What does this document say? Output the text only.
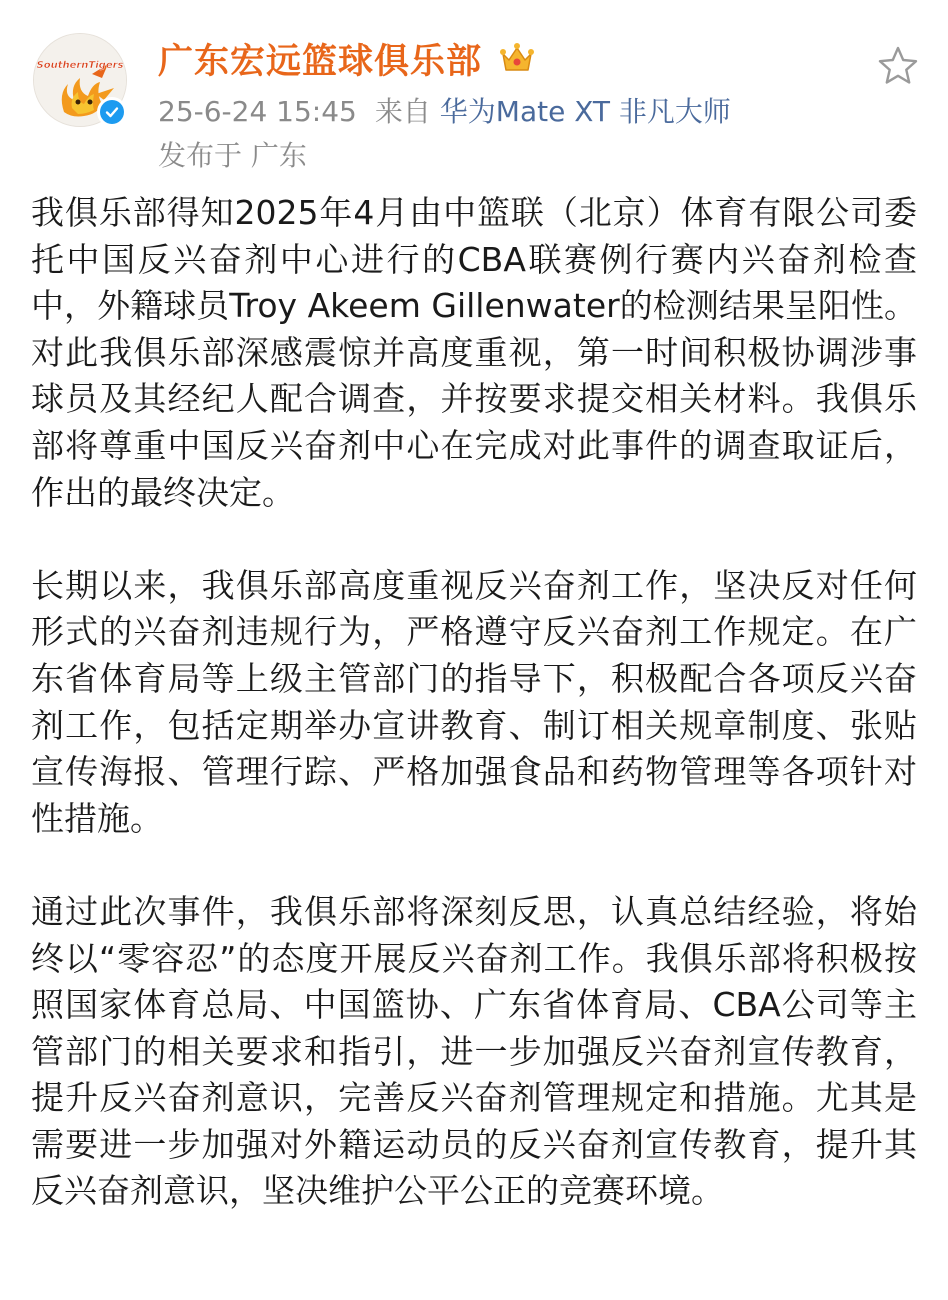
SouthernTigers 广东宏远篮球俱乐部
25-6-24 15:45 来自 华为Mate XT 非凡大师
发布于 广东

我俱乐部得知2025年4月由中篮联（北京）体育有限公司委托中国反兴奋剂中心进行的CBA联赛例行赛内兴奋剂检查中，外籍球员Troy Akeem Gillenwater的检测结果呈阳性。对此我俱乐部深感震惊并高度重视，第一时间积极协调涉事球员及其经纪人配合调查，并按要求提交相关材料。我俱乐部将尊重中国反兴奋剂中心在完成对此事件的调查取证后，作出的最终决定。

长期以来，我俱乐部高度重视反兴奋剂工作，坚决反对任何形式的兴奋剂违规行为，严格遵守反兴奋剂工作规定。在广东省体育局等上级主管部门的指导下，积极配合各项反兴奋剂工作，包括定期举办宣讲教育、制订相关规章制度、张贴宣传海报、管理行踪、严格加强食品和药物管理等各项针对性措施。

通过此次事件，我俱乐部将深刻反思，认真总结经验，将始终以“零容忍”的态度开展反兴奋剂工作。我俱乐部将积极按照国家体育总局、中国篮协、广东省体育局、CBA公司等主管部门的相关要求和指引，进一步加强反兴奋剂宣传教育，提升反兴奋剂意识，完善反兴奋剂管理规定和措施。尤其是需要进一步加强对外籍运动员的反兴奋剂宣传教育，提升其反兴奋剂意识，坚决维护公平公正的竞赛环境。
